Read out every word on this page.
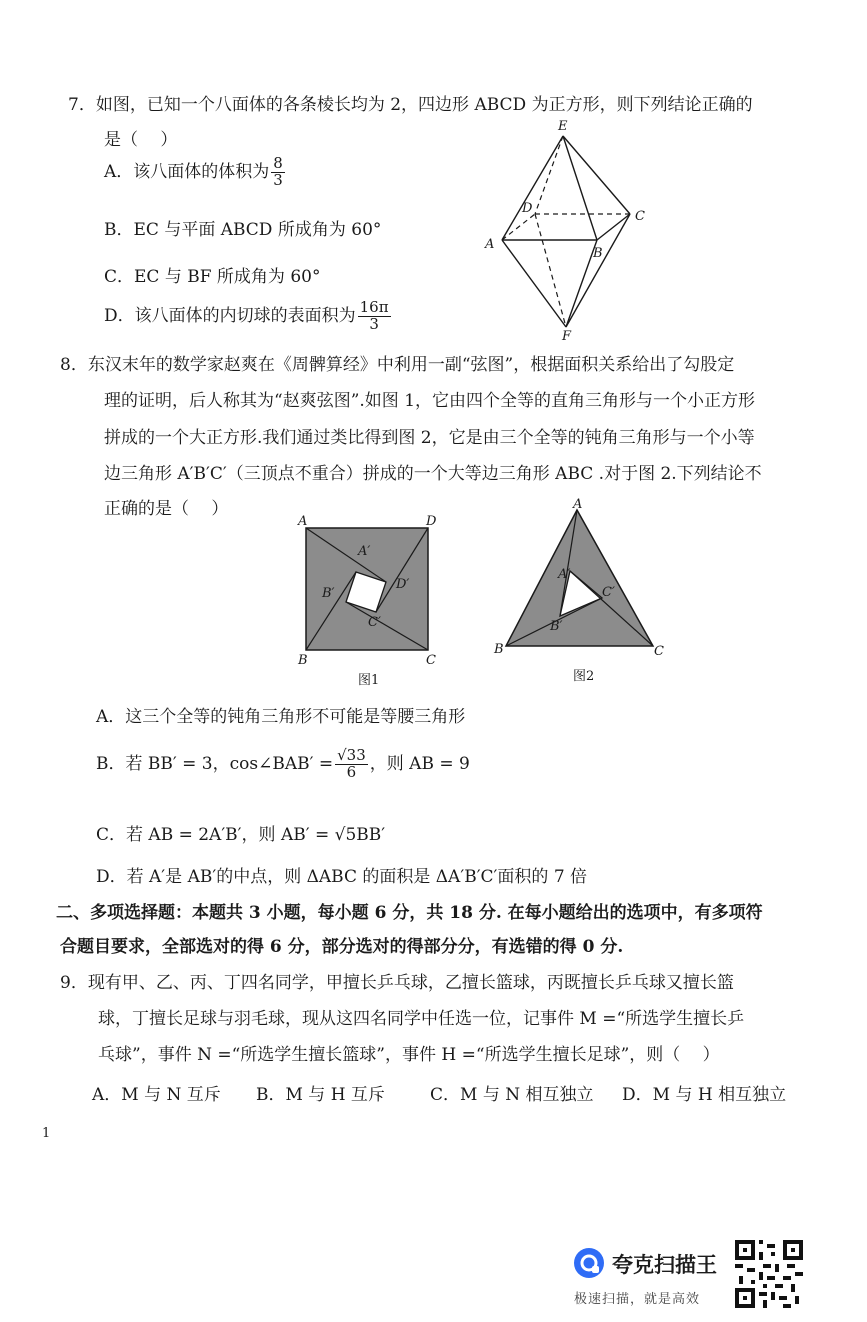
7．如图，已知一个八面体的各条棱长均为 2，四边形 ABCD 为正方形，则下列结论正确的
是（　 ）
A．该八面体的体积为 $\frac{8}{3}$
B．EC 与平面 ABCD 所成角为 60°
C．EC 与 BF 所成角为 60°
D．该八面体的内切球的表面积为 $\frac{16\pi}{3}$
E
D
C
A
B
F
8．东汉末年的数学家赵爽在《周髀算经》中利用一副“弦图”，根据面积关系给出了勾股定
理的证明，后人称其为“赵爽弦图”.如图 1，它由四个全等的直角三角形与一个小正方形
拼成的一个大正方形.我们通过类比得到图 2，它是由三个全等的钝角三角形与一个小等
边三角形 A′B′C′（三顶点不重合）拼成的一个大等边三角形 ABC .对于图 2.下列结论不
正确的是（　 ）
A	D
B	C
A′
B′
D′
C′
图1
A
B	C
A′
B′
C′
图2
A．这三个全等的钝角三角形不可能是等腰三角形
B．若 BB′ = 3，cos∠BAB′ = $\frac{√33}{6}$ ，则 AB = 9
C．若 AB = 2A′B′，则 AB′ = √5BB′
D．若 A′是 AB′的中点，则 ΔABC 的面积是 ΔA′B′C′面积的 7 倍
二、多项选择题：本题共 3 小题，每小题 6 分，共 18 分. 在每小题给出的选项中，有多项符
合题目要求，全部选对的得 6 分，部分选对的得部分分，有选错的得 0 分.
9．现有甲、乙、丙、丁四名同学，甲擅长乒乓球，乙擅长篮球，丙既擅长乒乓球又擅长篮
球，丁擅长足球与羽毛球，现从这四名同学中任选一位，记事件 M =“所选学生擅长乒
乓球”，事件 N =“所选学生擅长篮球”，事件 H =“所选学生擅长足球”，则（　 ）
A．M 与 N 互斥 B．M 与 H 互斥	C．M 与 N 相互独立 D．M 与 H 相互独立
1
夸克扫描王
极速扫描，就是高效
